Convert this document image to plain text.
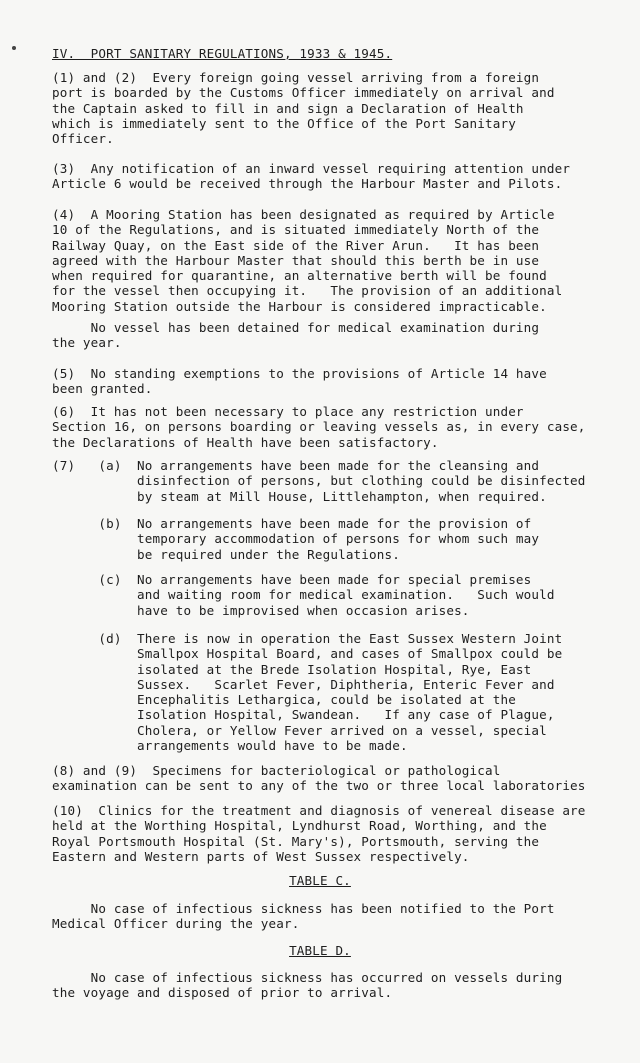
IV.  PORT SANITARY REGULATIONS, 1933 & 1945.
(1) and (2)  Every foreign going vessel arriving from a foreign
port is boarded by the Customs Officer immediately on arrival and
the Captain asked to fill in and sign a Declaration of Health
which is immediately sent to the Office of the Port Sanitary
Officer.
(3)  Any notification of an inward vessel requiring attention under
Article 6 would be received through the Harbour Master and Pilots.
(4)  A Mooring Station has been designated as required by Article
10 of the Regulations, and is situated immediately North of the
Railway Quay, on the East side of the River Arun.   It has been
agreed with the Harbour Master that should this berth be in use
when required for quarantine, an alternative berth will be found
for the vessel then occupying it.   The provision of an additional
Mooring Station outside the Harbour is considered impracticable.
No vessel has been detained for medical examination during
the year.
(5)  No standing exemptions to the provisions of Article 14 have
been granted.
(6)  It has not been necessary to place any restriction under
Section 16, on persons boarding or leaving vessels as, in every case,
the Declarations of Health have been satisfactory.
(7)   (a)  No arrangements have been made for the cleansing and
disinfection of persons, but clothing could be disinfected
by steam at Mill House, Littlehampton, when required.
(b)  No arrangements have been made for the provision of
temporary accommodation of persons for whom such may
be required under the Regulations.
(c)  No arrangements have been made for special premises
and waiting room for medical examination.   Such would
have to be improvised when occasion arises.
(d)  There is now in operation the East Sussex Western Joint
Smallpox Hospital Board, and cases of Smallpox could be
isolated at the Brede Isolation Hospital, Rye, East
Sussex.   Scarlet Fever, Diphtheria, Enteric Fever and
Encephalitis Lethargica, could be isolated at the
Isolation Hospital, Swandean.   If any case of Plague,
Cholera, or Yellow Fever arrived on a vessel, special
arrangements would have to be made.
(8) and (9)  Specimens for bacteriological or pathological
examination can be sent to any of the two or three local laboratories
(10)  Clinics for the treatment and diagnosis of venereal disease are
held at the Worthing Hospital, Lyndhurst Road, Worthing, and the
Royal Portsmouth Hospital (St. Mary's), Portsmouth, serving the
Eastern and Western parts of West Sussex respectively.
TABLE C.
No case of infectious sickness has been notified to the Port
Medical Officer during the year.
TABLE D.
No case of infectious sickness has occurred on vessels during
the voyage and disposed of prior to arrival.
